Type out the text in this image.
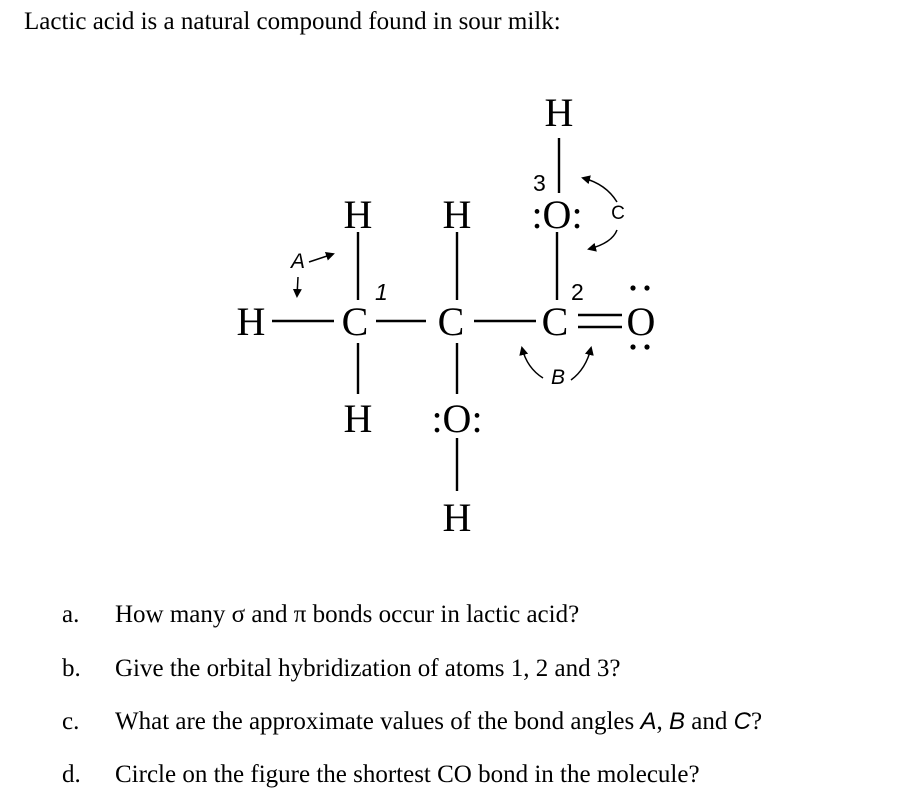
Lactic acid is a natural compound found in sour milk:
H
H H :O:
H C C C O
H :O:
H
1	2
3
A
B
C
a. How many σ and π bonds occur in lactic acid?
b. Give the orbital hybridization of atoms 1, 2 and 3?
c. What are the approximate values of the bond angles A, B and C?
d. Circle on the figure the shortest CO bond in the molecule?
